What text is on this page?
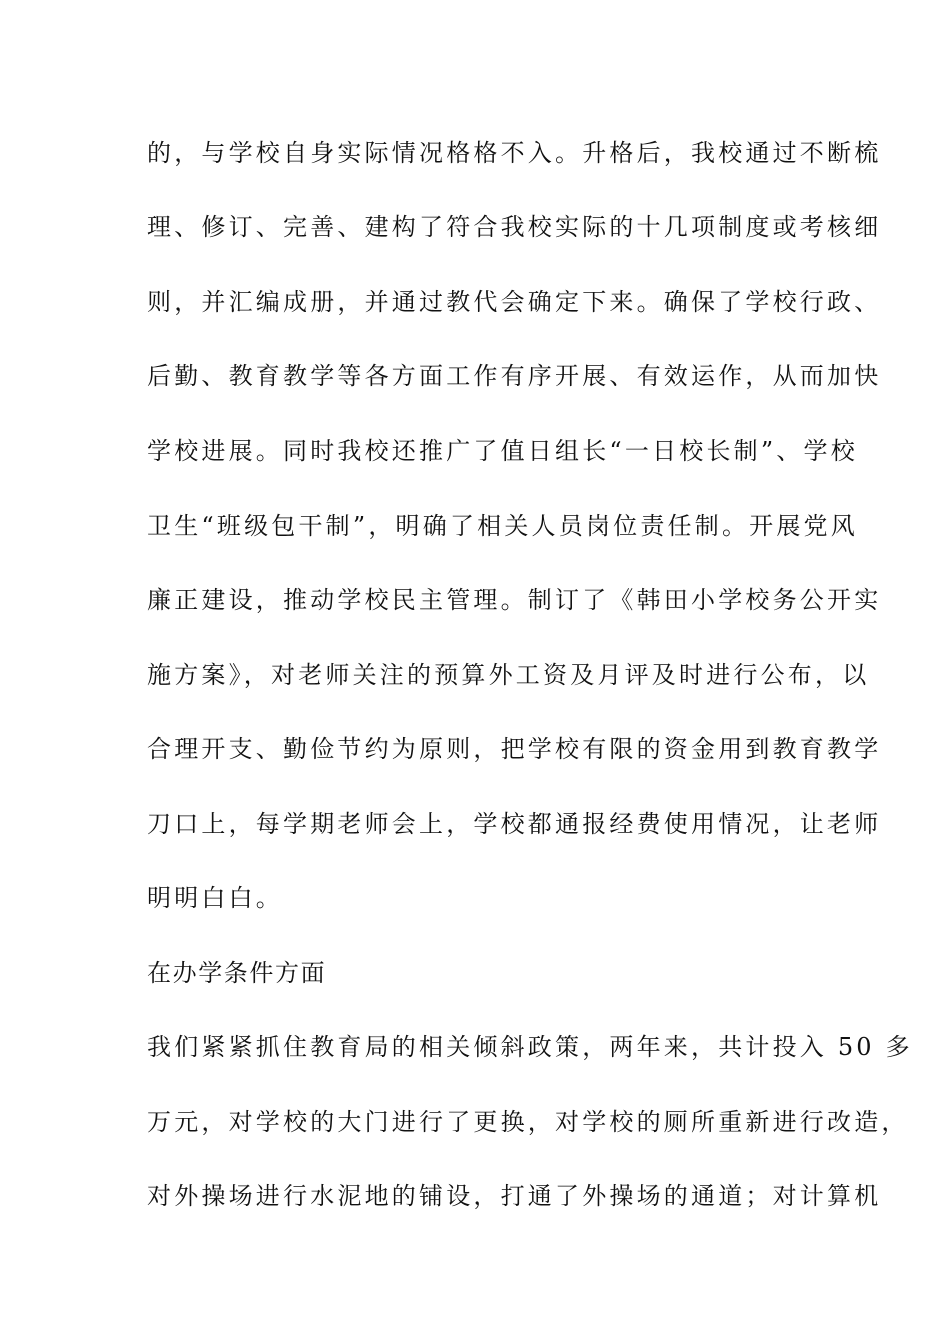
的，与学校自身实际情况格格不入。升格后，我校通过不断梳
理、修订、完善、建构了符合我校实际的十几项制度或考核细
则，并汇编成册，并通过教代会确定下来。确保了学校行政、
后勤、教育教学等各方面工作有序开展、有效运作，从而加快
学校进展。同时我校还推广了值日组长“一日校长制”、学校
卫生“班级包干制”，明确了相关人员岗位责任制。开展党风
廉正建设，推动学校民主管理。制订了《韩田小学校务公开实
施方案》，对老师关注的预算外工资及月评及时进行公布，以
合理开支、勤俭节约为原则，把学校有限的资金用到教育教学
刀口上，每学期老师会上，学校都通报经费使用情况，让老师
明明白白。
在办学条件方面
我们紧紧抓住教育局的相关倾斜政策，两年来，共计投入 50 多
万元，对学校的大门进行了更换，对学校的厕所重新进行改造，
对外操场进行水泥地的铺设，打通了外操场的通道；对计算机
